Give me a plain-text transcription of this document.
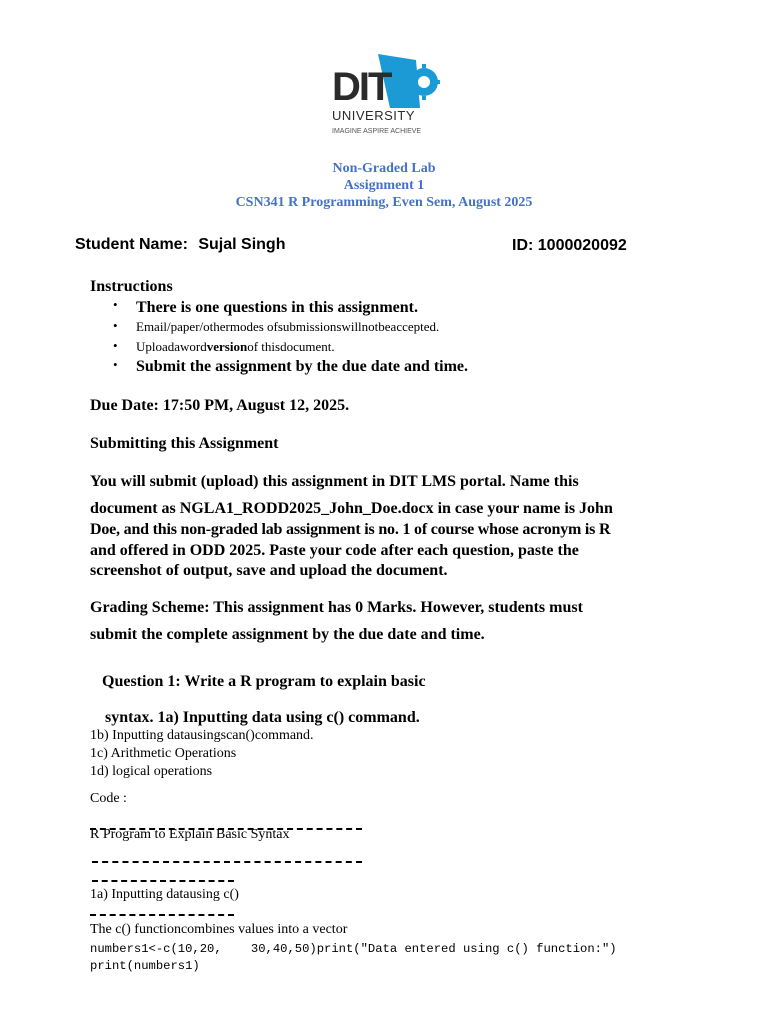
DIT
UNIVERSITY
IMAGINE ASPIRE ACHIEVE
Non-Graded Lab
Assignment 1
CSN341 R Programming, Even Sem, August 2025
Student Name: Sujal Singh	ID: 1000020092
Instructions
• There is one questions in this assignment.
• Email/paper/othermodes ofsubmissionswillnotbeaccepted.
• Uploadawordversionof thisdocument.
• Submit the assignment by the due date and time.
Due Date: 17:50 PM, August 12, 2025.
Submitting this Assignment
You will submit (upload) this assignment in DIT LMS portal. Name this
document as NGLA1_RODD2025_John_Doe.docx in case your name is John
Doe, and this non-graded lab assignment is no. 1 of course whose acronym is R
and offered in ODD 2025. Paste your code after each question, paste the
screenshot of output, save and upload the document.
Grading Scheme: This assignment has 0 Marks. However, students must
submit the complete assignment by the due date and time.
Question 1: Write a R program to explain basic
syntax. 1a) Inputting data using c() command.
1b) Inputting datausingscan()command.
1c) Arithmetic Operations
1d) logical operations
Code :
R Program to Explain Basic Syntax
1a) Inputting datausing c()
The c() functioncombines values into a vector
numbers1<-c(10,20,    30,40,50)print("Data entered using c() function:")
print(numbers1)
